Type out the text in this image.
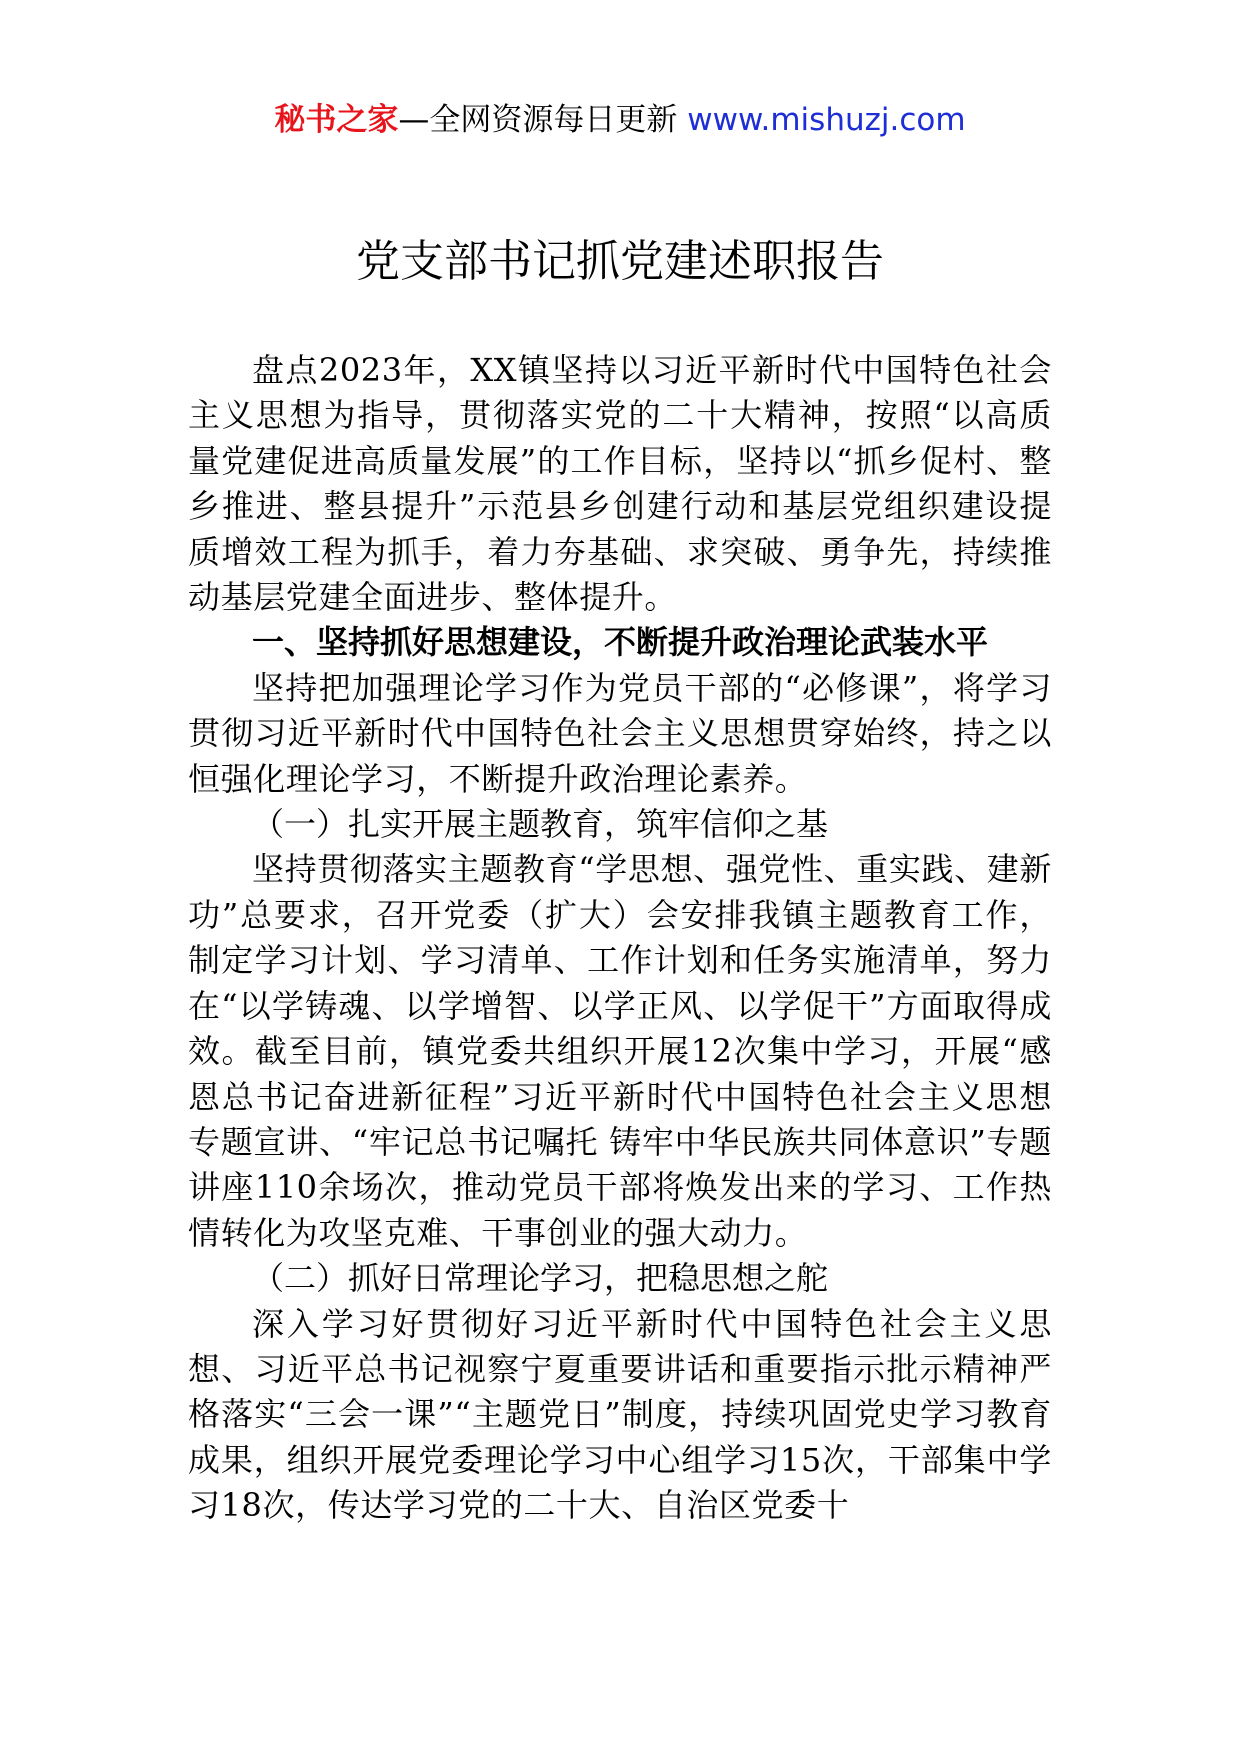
秘书之家—全网资源每日更新 www.mishuzj.com
党支部书记抓党建述职报告

盘点2023年，XX镇坚持以习近平新时代中国特色社会主义思想为指导，贯彻落实党的二十大精神，按照“以高质量党建促进高质量发展”的工作目标，坚持以“抓乡促村、整乡推进、整县提升”示范县乡创建行动和基层党组织建设提质增效工程为抓手，着力夯基础、求突破、勇争先，持续推动基层党建全面进步、整体提升。

一、坚持抓好思想建设，不断提升政治理论武装水平

坚持把加强理论学习作为党员干部的“必修课”，将学习贯彻习近平新时代中国特色社会主义思想贯穿始终，持之以恒强化理论学习，不断提升政治理论素养。

（一）扎实开展主题教育，筑牢信仰之基

坚持贯彻落实主题教育“学思想、强党性、重实践、建新功”总要求，召开党委（扩大）会安排我镇主题教育工作，制定学习计划、学习清单、工作计划和任务实施清单，努力在“以学铸魂、以学增智、以学正风、以学促干”方面取得成效。截至目前，镇党委共组织开展12次集中学习，开展“感恩总书记奋进新征程”习近平新时代中国特色社会主义思想专题宣讲、“牢记总书记嘱托 铸牢中华民族共同体意识”专题讲座110余场次，推动党员干部将焕发出来的学习、工作热情转化为攻坚克难、干事创业的强大动力。

（二）抓好日常理论学习，把稳思想之舵

深入学习好贯彻好习近平新时代中国特色社会主义思想、习近平总书记视察宁夏重要讲话和重要指示批示精神严格落实“三会一课”“主题党日”制度，持续巩固党史学习教育成果，组织开展党委理论学习中心组学习15次，干部集中学习18次，传达学习党的二十大、自治区党委十
